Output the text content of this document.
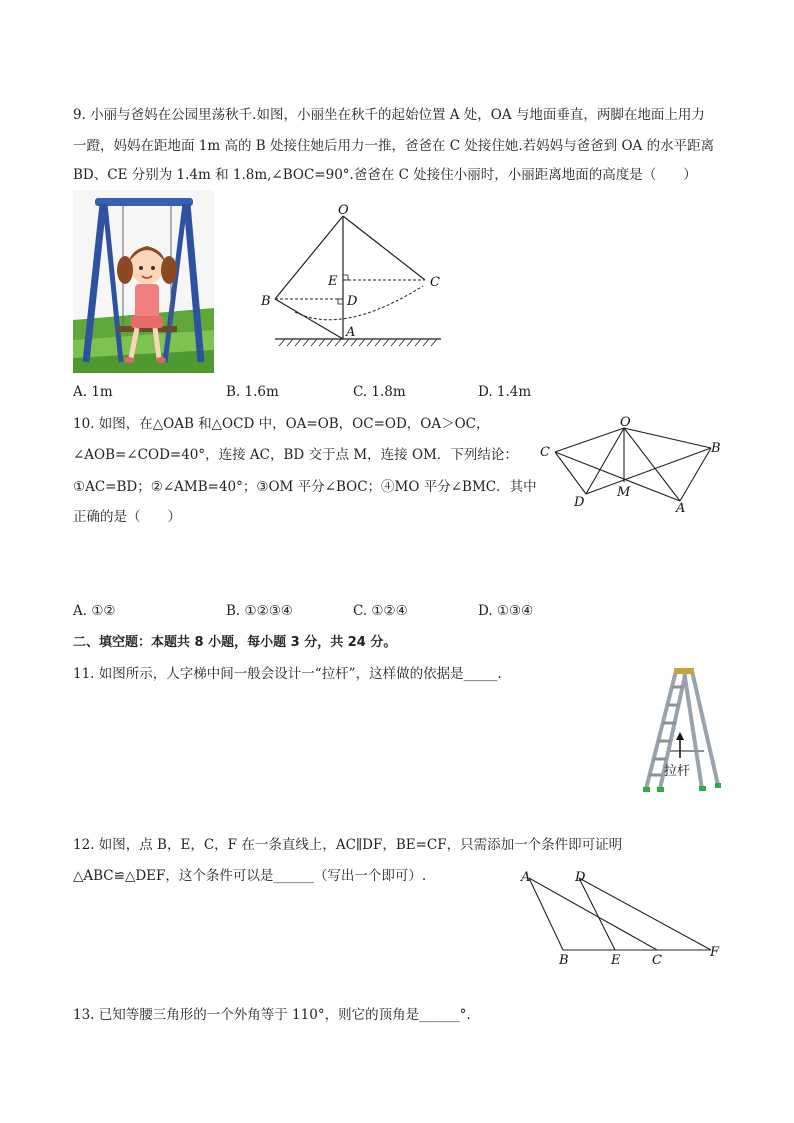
9. 小丽与爸妈在公园里荡秋千.如图，小丽坐在秋千的起始位置 A 处，OA 与地面垂直，两脚在地面上用力
一蹬，妈妈在距地面 1m 高的 B 处接住她后用力一推，爸爸在 C 处接住她.若妈妈与爸爸到 OA 的水平距离
BD、CE 分别为 1.4m 和 1.8m,∠BOC=90°.爸爸在 C 处接住小丽时，小丽距离地面的高度是（　　）
O
E	C
B	D
A
A. 1m	B. 1.6m	C. 1.8m	D. 1.4m
10. 如图，在△OAB 和△OCD 中，OA=OB，OC=OD，OA＞OC，
∠AOB=∠COD=40°，连接 AC，BD 交于点 M，连接 OM．下列结论：
①AC=BD；②∠AMB=40°；③OM 平分∠BOC；④MO 平分∠BMC．其中
正确的是（　　）
O
C	B
D
M
A
A. ①②	B. ①②③④	C. ①②④	D. ①③④
二、填空题：本题共 8 小题，每小题 3 分，共 24 分。
11. 如图所示，人字梯中间一般会设计一“拉杆”，这样做的依据是_____.
拉杆
12. 如图，点 B，E，C，F 在一条直线上，AC∥DF，BE=CF，只需添加一个条件即可证明
△ABC≌△DEF，这个条件可以是______（写出一个即可）.	A	D
B	E C
F
13. 已知等腰三角形的一个外角等于 110°，则它的顶角是______°.
